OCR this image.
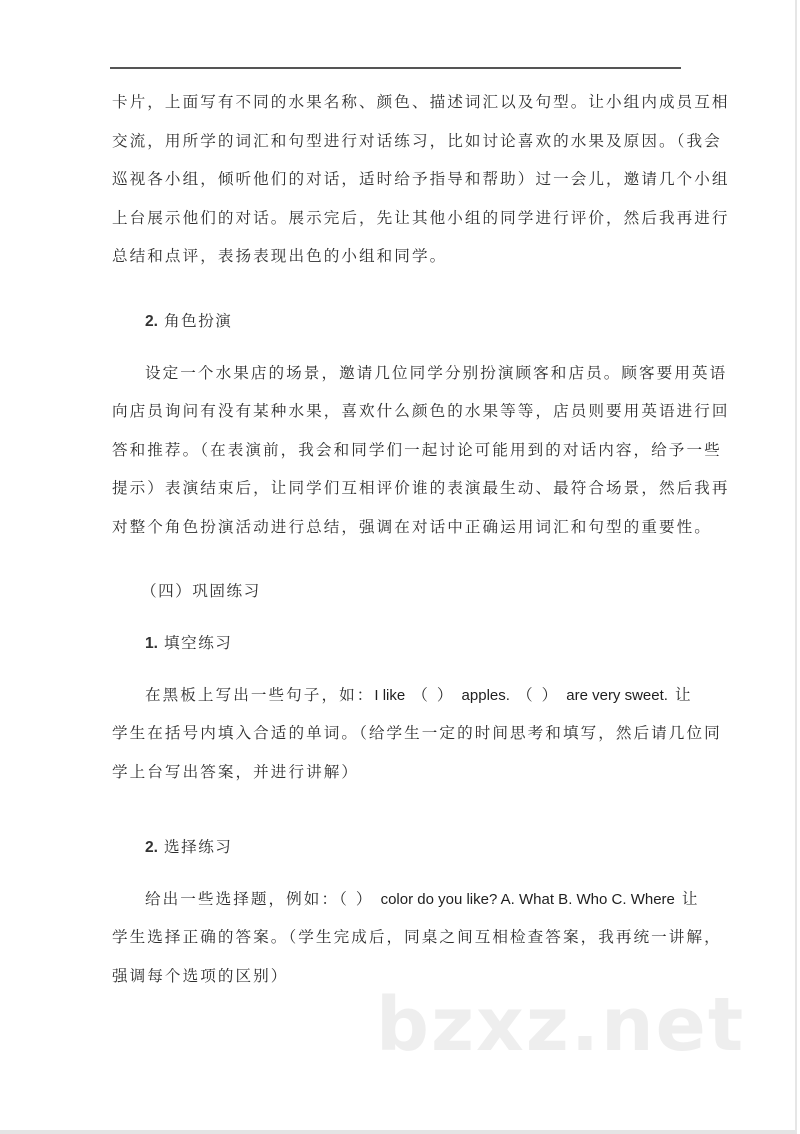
卡片，上面写有不同的水果名称、颜色、描述词汇以及句型。让小组内成员互相
交流，用所学的词汇和句型进行对话练习，比如讨论喜欢的水果及原因。（我会
巡视各小组，倾听他们的对话，适时给予指导和帮助）过一会儿，邀请几个小组
上台展示他们的对话。展示完后，先让其他小组的同学进行评价，然后我再进行
总结和点评，表扬表现出色的小组和同学。
2. 角色扮演
设定一个水果店的场景，邀请几位同学分别扮演顾客和店员。顾客要用英语
向店员询问有没有某种水果，喜欢什么颜色的水果等等，店员则要用英语进行回
答和推荐。（在表演前，我会和同学们一起讨论可能用到的对话内容，给予一些
提示）表演结束后，让同学们互相评价谁的表演最生动、最符合场景，然后我再
对整个角色扮演活动进行总结，强调在对话中正确运用词汇和句型的重要性。
（四）巩固练习
1. 填空练习
在黑板上写出一些句子，如：I like （ ） apples. （ ） are very sweet. 让
学生在括号内填入合适的单词。（给学生一定的时间思考和填写，然后请几位同
学上台写出答案，并进行讲解）
2. 选择练习
给出一些选择题，例如：（ ） color do you like? A. What B. Who C. Where 让
学生选择正确的答案。（学生完成后，同桌之间互相检查答案，我再统一讲解，
强调每个选项的区别）
bzxz.net
